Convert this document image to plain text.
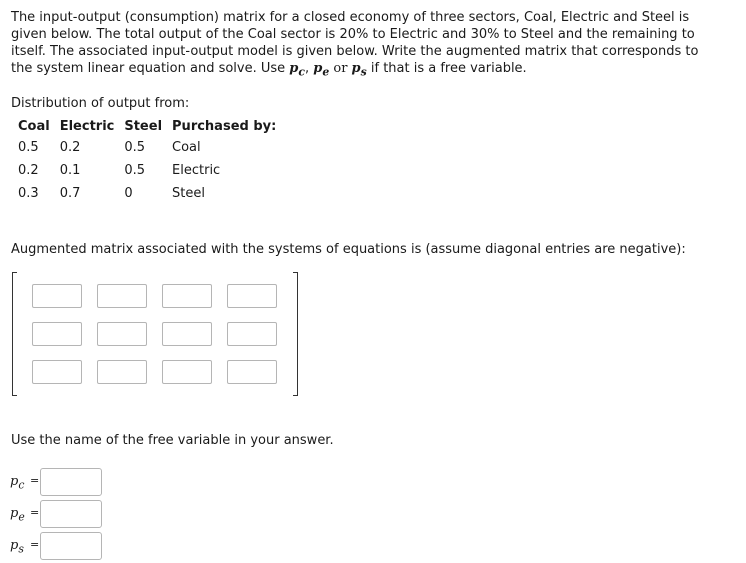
The input-output (consumption) matrix for a closed economy of three sectors, Coal, Electric and Steel is given below. The total output of the Coal sector is 20% to Electric and 30% to Steel and the remaining to itself. The associated input-output model is given below. Write the augmented matrix that corresponds to the system linear equation and solve. Use $p_c$, $p_e$ or $p_s$ if that is a free variable.
Distribution of output from:
Coal	Electric	Steel	Purchased by:
0.5	0.2	0.5	Coal
0.2	0.1	0.5	Electric
0.3	0.7	0	Steel
Augmented matrix associated with the systems of equations is (assume diagonal entries are negative):
Use the name of the free variable in your answer.
$p_c$ =
$p_e$ =
$p_s$ =
